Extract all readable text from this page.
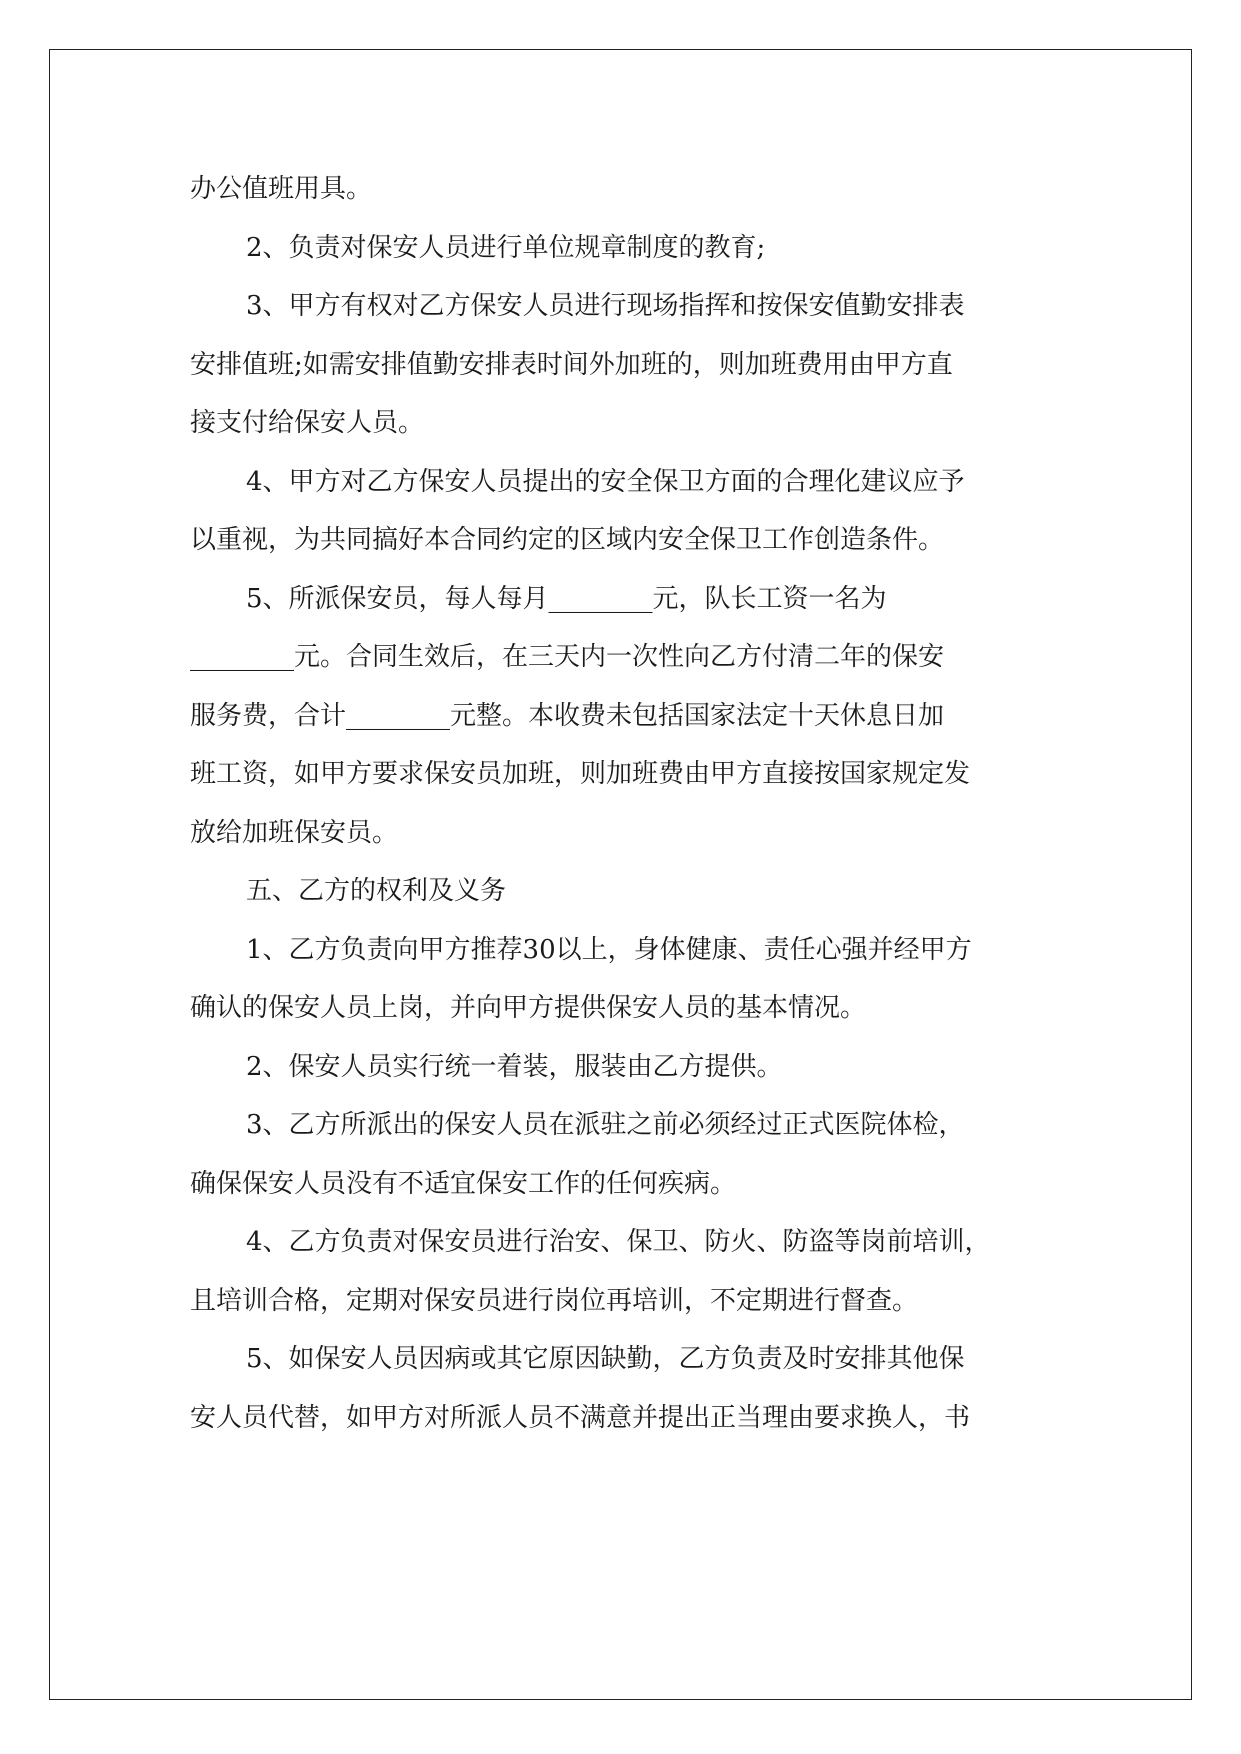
办公值班用具。
2、负责对保安人员进行单位规章制度的教育;
3、甲方有权对乙方保安人员进行现场指挥和按保安值勤安排表
安排值班;如需安排值勤安排表时间外加班的，则加班费用由甲方直
接支付给保安人员。
4、甲方对乙方保安人员提出的安全保卫方面的合理化建议应予
以重视，为共同搞好本合同约定的区域内安全保卫工作创造条件。
5、所派保安员，每人每月________元，队长工资一名为
________元。合同生效后，在三天内一次性向乙方付清二年的保安
服务费，合计________元整。本收费未包括国家法定十天休息日加
班工资，如甲方要求保安员加班，则加班费由甲方直接按国家规定发
放给加班保安员。
五、乙方的权利及义务
1、乙方负责向甲方推荐30以上，身体健康、责任心强并经甲方
确认的保安人员上岗，并向甲方提供保安人员的基本情况。
2、保安人员实行统一着装，服装由乙方提供。
3、乙方所派出的保安人员在派驻之前必须经过正式医院体检，
确保保安人员没有不适宜保安工作的任何疾病。
4、乙方负责对保安员进行治安、保卫、防火、防盗等岗前培训，
且培训合格，定期对保安员进行岗位再培训，不定期进行督查。
5、如保安人员因病或其它原因缺勤，乙方负责及时安排其他保
安人员代替，如甲方对所派人员不满意并提出正当理由要求换人，书
